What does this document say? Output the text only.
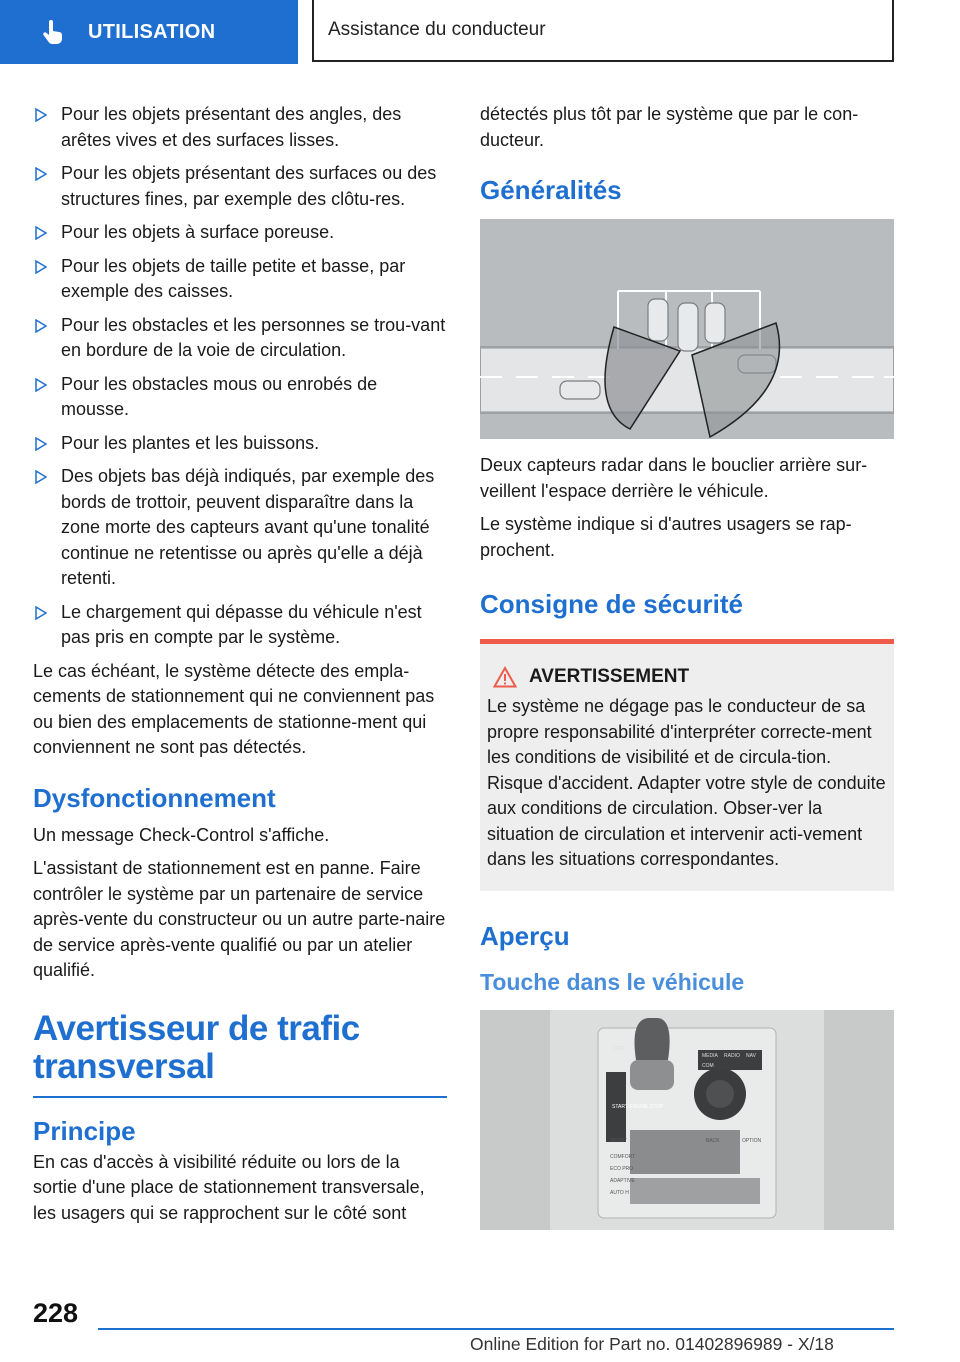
UTILISATION	Assistance du conducteur
Pour les objets présentant des angles, des arêtes vives et des surfaces lisses.
Pour les objets présentant des surfaces ou des structures fines, par exemple des clôtu-res.
Pour les objets à surface poreuse.
Pour les objets de taille petite et basse, par exemple des caisses.
Pour les obstacles et les personnes se trou-vant en bordure de la voie de circulation.
Pour les obstacles mous ou enrobés de mousse.
Pour les plantes et les buissons.
Des objets bas déjà indiqués, par exemple des bords de trottoir, peuvent disparaître dans la zone morte des capteurs avant qu'une tonalité continue ne retentisse ou après qu'elle a déjà retenti.
Le chargement qui dépasse du véhicule n'est pas pris en compte par le système.

Le cas échéant, le système détecte des empla-cements de stationnement qui ne conviennent pas ou bien des emplacements de stationne-ment qui conviennent ne sont pas détectés.

Dysfonctionnement

Un message Check-Control s'affiche.

L'assistant de stationnement est en panne. Faire contrôler le système par un partenaire de service après-vente du constructeur ou un autre parte-naire de service après-vente qualifié ou par un atelier qualifié.

Avertisseur de trafic transversal
Principe

En cas d'accès à visibilité réduite ou lors de la sortie d'une place de stationnement transversale, les usagers qui se rapprochent sur le côté sont

détectés plus tôt par le système que par le con-ducteur.

Généralités

Deux capteurs radar dans le bouclier arrière sur-veillent l'espace derrière le véhicule.

Le système indique si d'autres usagers se rap-prochent.

Consigne de sécurité
AVERTISSEMENT

Le système ne dégage pas le conducteur de sa propre responsabilité d'interpréter correcte-ment les conditions de visibilité et de circula-tion. Risque d'accident. Adapter votre style de conduite aux conditions de circulation. Obser-ver la situation de circulation et intervenir acti-vement dans les situations correspondantes.

Aperçu
Touche dans le véhicule
OFF
MEDIA RADIO NAV
COM
BACK	OPTION
START ENGINE STOP
SPORT
COMFORT
ECO PRO
ADAPTIVE
AUTO H
228
Online Edition for Part no. 01402896989 - X/18
